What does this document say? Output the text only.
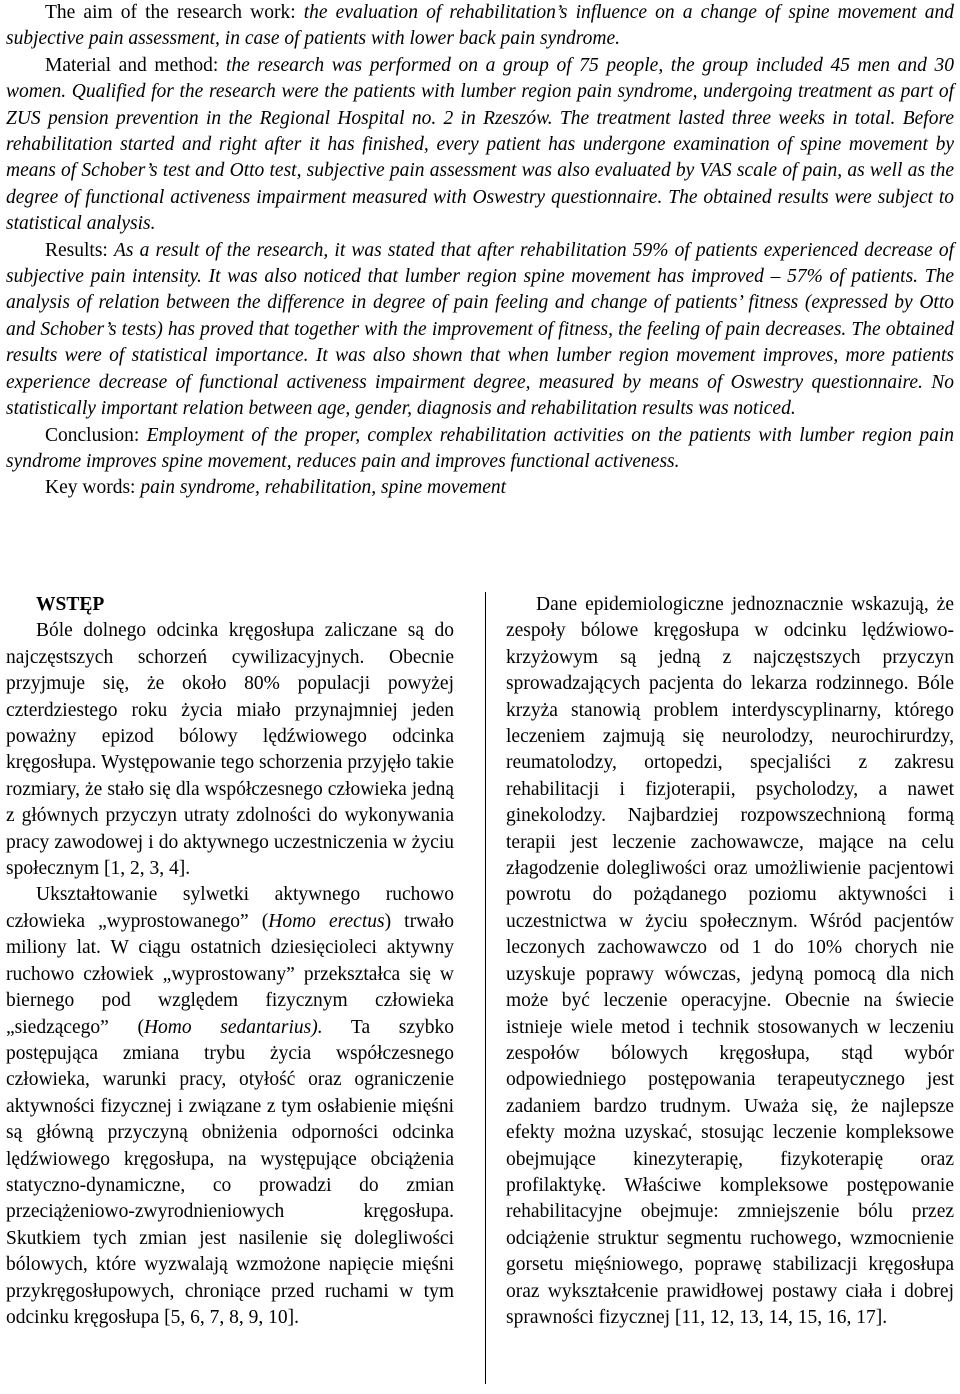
The aim of the research work: the evaluation of rehabilitation’s influence on a change of spine movement and subjective pain assessment, in case of patients with lower back pain syndrome.

Material and method: the research was performed on a group of 75 people, the group included 45 men and 30 women. Qualified for the research were the patients with lumber region pain syndrome, undergoing treatment as part of ZUS pension prevention in the Regional Hospital no. 2 in Rzeszów. The treatment lasted three weeks in total. Before rehabilitation started and right after it has finished, every patient has undergone examination of spine movement by means of Schober’s test and Otto test, subjective pain assessment was also evaluated by VAS scale of pain, as well as the degree of functional activeness impairment measured with Oswestry questionnaire. The obtained results were subject to statistical analysis.

Results: As a result of the research, it was stated that after rehabilitation 59% of patients experienced decrease of subjective pain intensity. It was also noticed that lumber region spine movement has improved – 57% of patients. The analysis of relation between the difference in degree of pain feeling and change of patients’ fitness (expressed by Otto and Schober’s tests) has proved that together with the improvement of fitness, the feeling of pain decreases. The obtained results were of statistical importance. It was also shown that when lumber region movement improves, more patients experience decrease of functional activeness impairment degree, measured by means of Oswestry questionnaire. No statistically important relation between age, gender, diagnosis and rehabilitation results was noticed.

Conclusion: Employment of the proper, complex rehabilitation activities on the patients with lumber region pain syndrome improves spine movement, reduces pain and improves functional activeness.

Key words: pain syndrome, rehabilitation, spine movement

WSTĘP

Bóle dolnego odcinka kręgosłupa zaliczane są do najczęstszych schorzeń cywilizacyjnych. Obecnie przyjmuje się, że około 80% populacji powyżej czterdziestego roku życia miało przynajmniej jeden poważny epizod bólowy lędźwiowego odcinka kręgosłupa. Występowanie tego schorzenia przyjęło takie rozmiary, że stało się dla współczesnego człowieka jedną z głównych przyczyn utraty zdolności do wykonywania pracy zawodowej i do aktywnego uczestniczenia w życiu społecznym [1, 2, 3, 4].

Ukształtowanie sylwetki aktywnego ruchowo człowieka „wyprostowanego” (Homo erectus) trwało miliony lat. W ciągu ostatnich dziesięcioleci aktywny ruchowo człowiek „wyprostowany” przekształca się w biernego pod względem fizycznym człowieka „siedzącego” (Homo sedantarius). Ta szybko postępująca zmiana trybu życia współczesnego człowieka, warunki pracy, otyłość oraz ograniczenie aktywności fizycznej i związane z tym osłabienie mięśni są główną przyczyną obniżenia odporności odcinka lędźwiowego kręgosłupa, na występujące obciążenia statyczno-dynamiczne, co prowadzi do zmian przeciążeniowo-zwyrodnieniowych kręgosłupa. Skutkiem tych zmian jest nasilenie się dolegliwości bólowych, które wyzwalają wzmożone napięcie mięśni przykręgosłupowych, chroniące przed ruchami w tym odcinku kręgosłupa [5, 6, 7, 8, 9, 10].

Dane epidemiologiczne jednoznacznie wskazują, że zespoły bólowe kręgosłupa w odcinku lędźwiowo-krzyżowym są jedną z najczęstszych przyczyn sprowadzających pacjenta do lekarza rodzinnego. Bóle krzyża stanowią problem interdyscyplinarny, którego leczeniem zajmują się neurolodzy, neurochirurdzy, reumatolodzy, ortopedzi, specjaliści z zakresu rehabilitacji i fizjoterapii, psycholodzy, a nawet ginekolodzy. Najbardziej rozpowszechnioną formą terapii jest leczenie zachowawcze, mające na celu złagodzenie dolegliwości oraz umożliwienie pacjentowi powrotu do pożądanego poziomu aktywności i uczestnictwa w życiu społecznym. Wśród pacjentów leczonych zachowawczo od 1 do 10% chorych nie uzyskuje poprawy wówczas, jedyną pomocą dla nich może być leczenie operacyjne. Obecnie na świecie istnieje wiele metod i technik stosowanych w leczeniu zespołów bólowych kręgosłupa, stąd wybór odpowiedniego postępowania terapeutycznego jest zadaniem bardzo trudnym. Uważa się, że najlepsze efekty można uzyskać, stosując leczenie kompleksowe obejmujące kinezyterapię, fizykoterapię oraz profilaktykę. Właściwe kompleksowe postępowanie rehabilitacyjne obejmuje: zmniejszenie bólu przez odciążenie struktur segmentu ruchowego, wzmocnienie gorsetu mięśniowego, poprawę stabilizacji kręgosłupa oraz wykształcenie prawidłowej postawy ciała i dobrej sprawności fizycznej [11, 12, 13, 14, 15, 16, 17].
